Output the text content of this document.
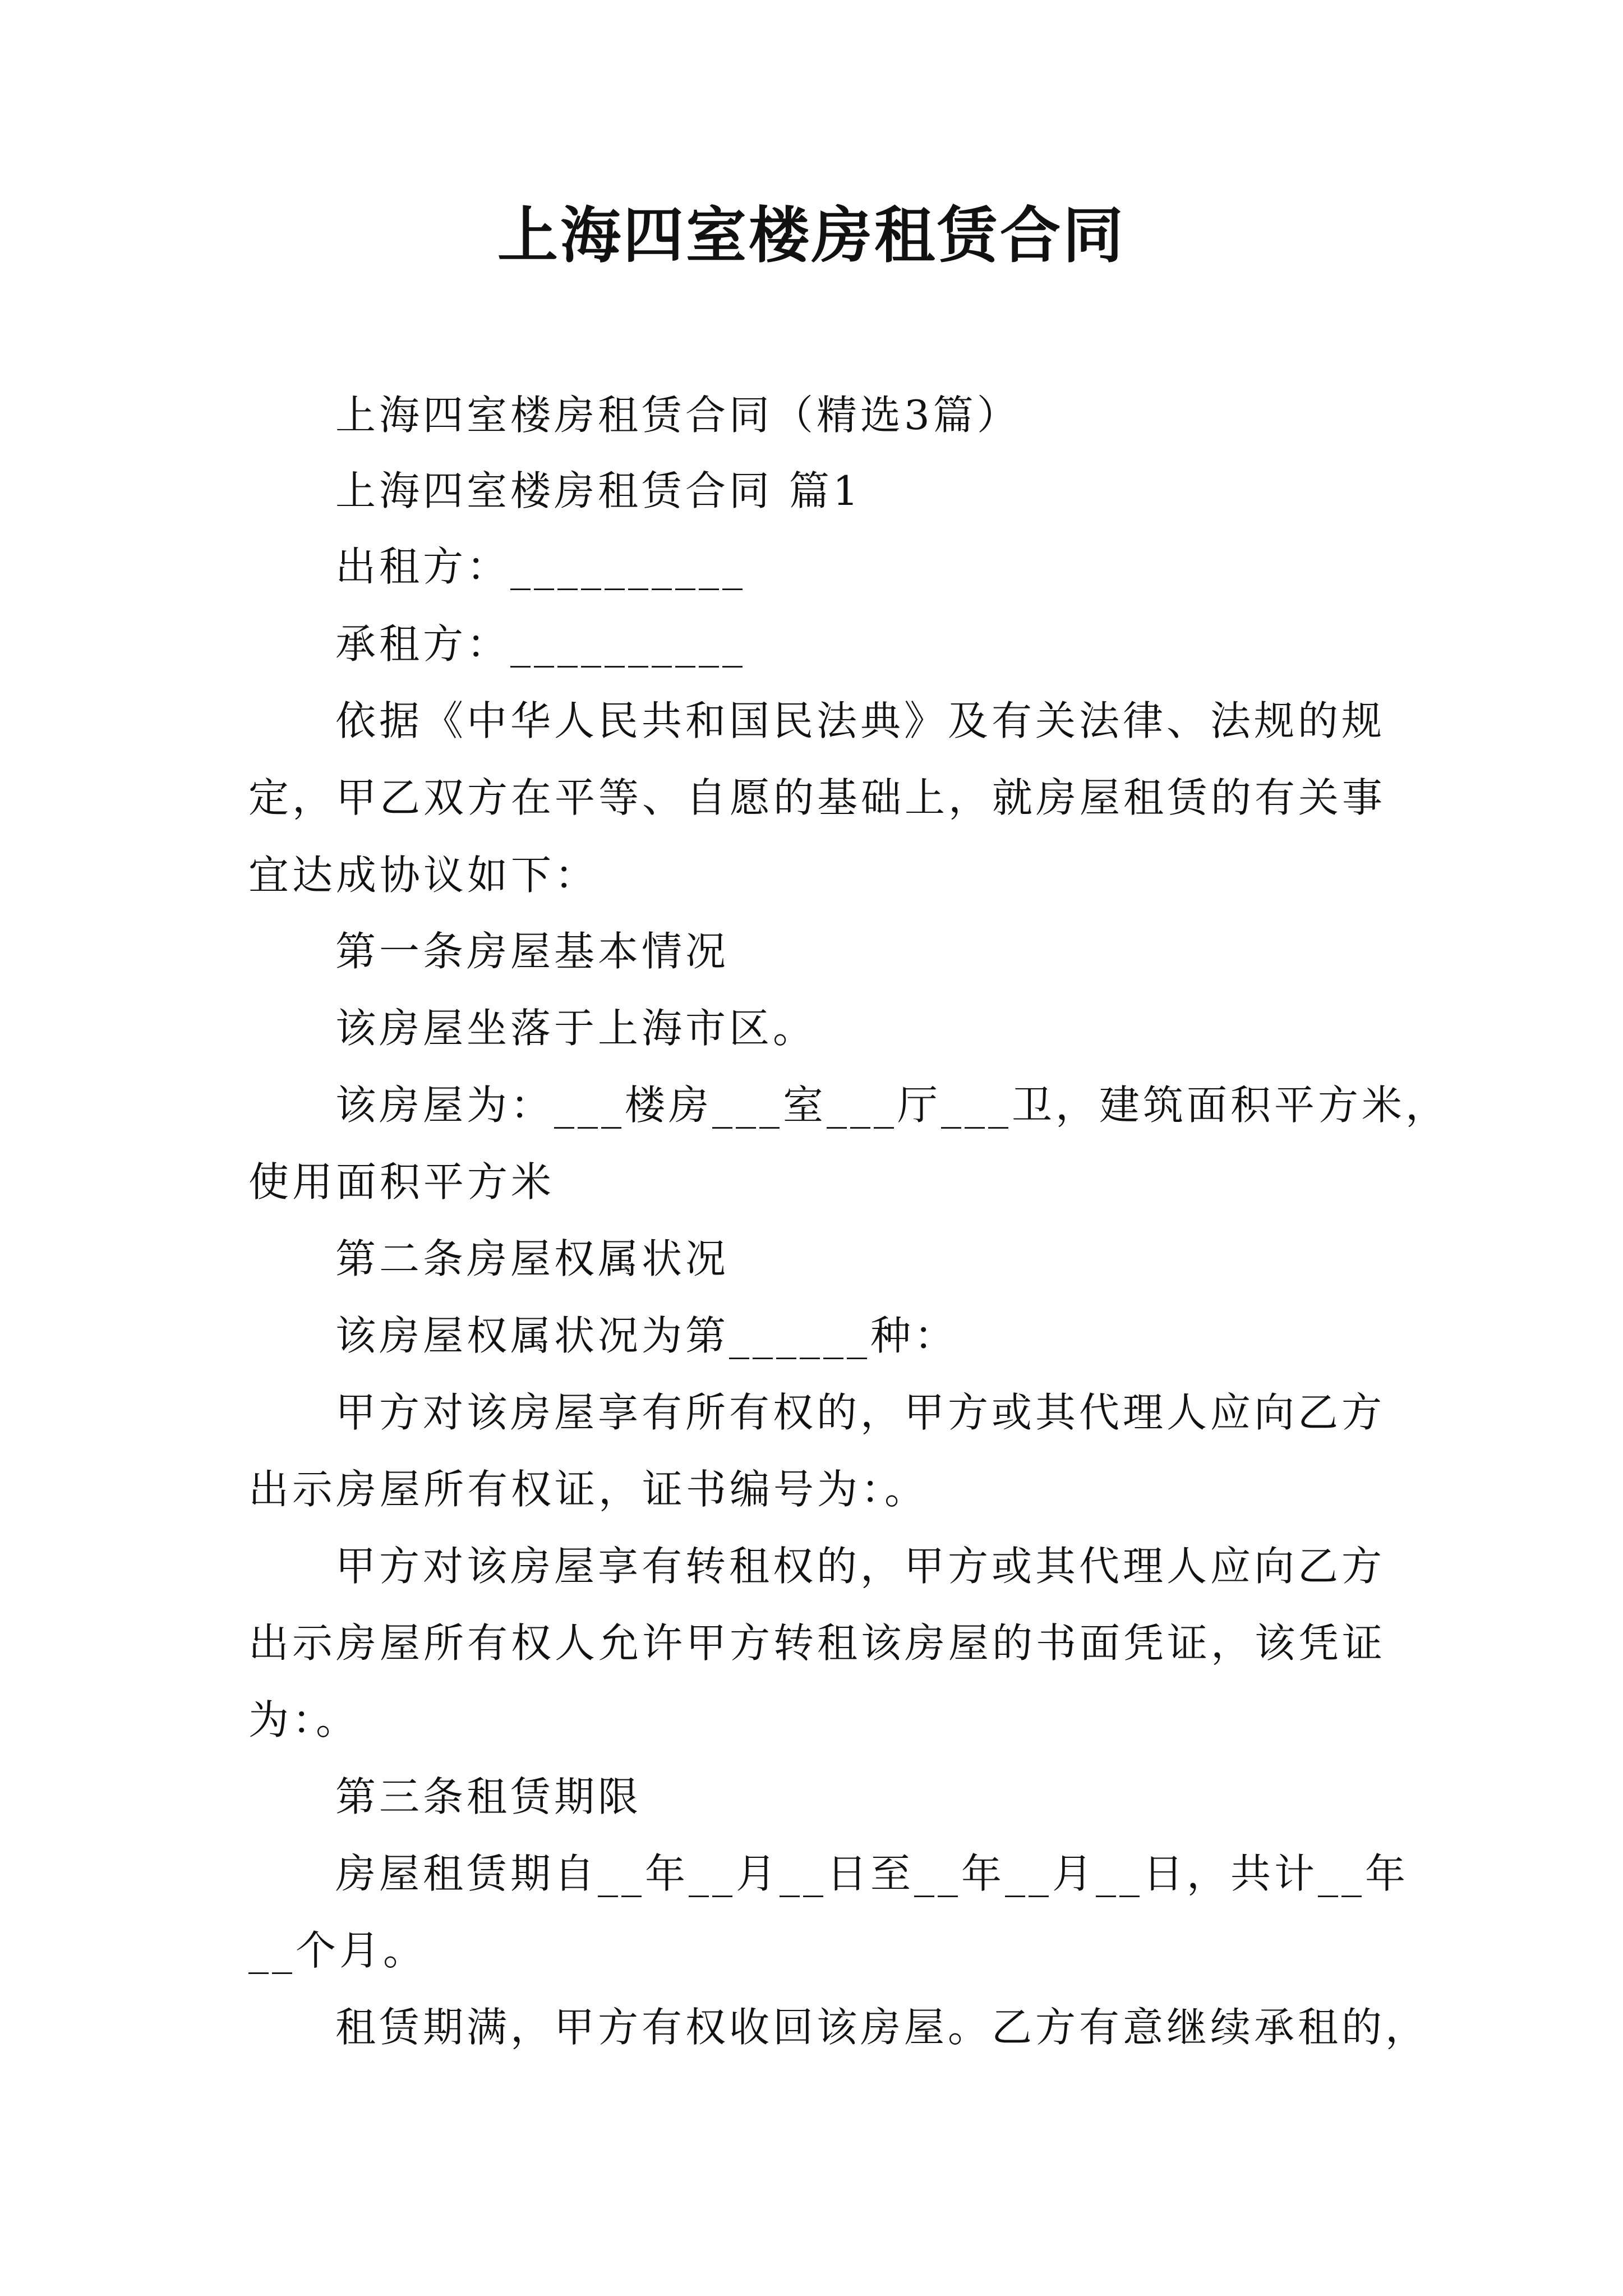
上海四室楼房租赁合同
上海四室楼房租赁合同（精选3篇）
上海四室楼房租赁合同 篇1
出租方：__________
承租方：__________
依据《中华人民共和国民法典》及有关法律、法规的规
定，甲乙双方在平等、自愿的基础上，就房屋租赁的有关事
宜达成协议如下：
第一条房屋基本情况
该房屋坐落于上海市区。
该房屋为：___楼房___室___厅___卫，建筑面积平方米，
使用面积平方米
第二条房屋权属状况
该房屋权属状况为第______种：
甲方对该房屋享有所有权的，甲方或其代理人应向乙方
出示房屋所有权证，证书编号为：。
甲方对该房屋享有转租权的，甲方或其代理人应向乙方
出示房屋所有权人允许甲方转租该房屋的书面凭证，该凭证
为：。
第三条租赁期限
房屋租赁期自__年__月__日至__年__月__日，共计__年
__个月。
租赁期满，甲方有权收回该房屋。乙方有意继续承租的，
